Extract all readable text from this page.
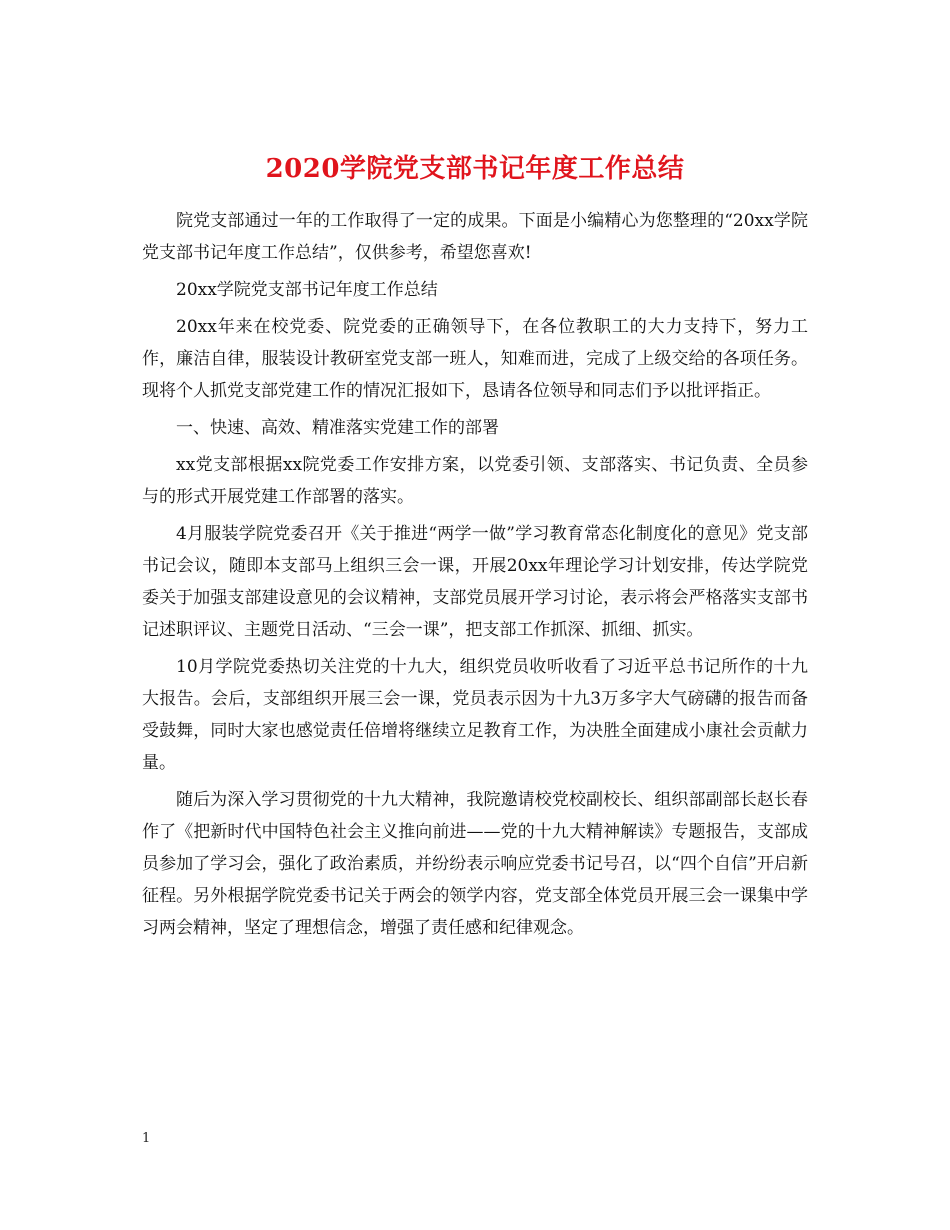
2020学院党支部书记年度工作总结

院党支部通过一年的工作取得了一定的成果。下面是小编精心为您整理的“20xx学院党支部书记年度工作总结”，仅供参考，希望您喜欢!

20xx学院党支部书记年度工作总结

20xx年来在校党委、院党委的正确领导下，在各位教职工的大力支持下，努力工作，廉洁自律，服装设计教研室党支部一班人，知难而进，完成了上级交给的各项任务。现将个人抓党支部党建工作的情况汇报如下，恳请各位领导和同志们予以批评指正。

一、快速、高效、精准落实党建工作的部署

xx党支部根据xx院党委工作安排方案，以党委引领、支部落实、书记负责、全员参与的形式开展党建工作部署的落实。

4月服装学院党委召开《关于推进“两学一做”学习教育常态化制度化的意见》党支部书记会议，随即本支部马上组织三会一课，开展20xx年理论学习计划安排，传达学院党委关于加强支部建设意见的会议精神，支部党员展开学习讨论，表示将会严格落实支部书记述职评议、主题党日活动、“三会一课”，把支部工作抓深、抓细、抓实。

10月学院党委热切关注党的十九大，组织党员收听收看了习近平总书记所作的十九大报告。会后，支部组织开展三会一课，党员表示因为十九3万多字大气磅礴的报告而备受鼓舞，同时大家也感觉责任倍增将继续立足教育工作，为决胜全面建成小康社会贡献力量。

随后为深入学习贯彻党的十九大精神，我院邀请校党校副校长、组织部副部长赵长春作了《把新时代中国特色社会主义推向前进——党的十九大精神解读》专题报告，支部成员参加了学习会，强化了政治素质，并纷纷表示响应党委书记号召，以“四个自信”开启新征程。另外根据学院党委书记关于两会的领学内容，党支部全体党员开展三会一课集中学习两会精神，坚定了理想信念，增强了责任感和纪律观念。

1
